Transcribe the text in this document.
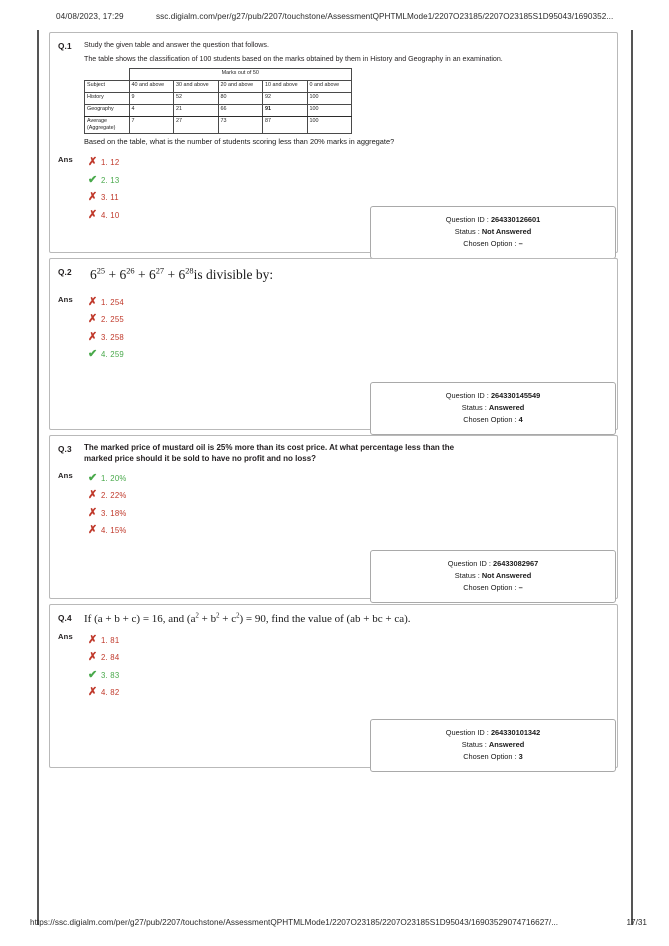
04/08/2023, 17:29	ssc.digialm.com/per/g27/pub/2207/touchstone/AssessmentQPHTMLMode1/2207O23185/2207O23185S1D95043/1690352...
Q.1	Study the given table and answer the question that follows.
The table shows the classification of 100 students based on the marks obtained by them in History and Geography in an examination.
	Marks out of 50				
Subject	40 and above	30 and above	20 and above	10 and above	0 and above
History	9	52	80	92	100
Geography	4	21	66	91	100
Average
(Aggregate)	7	27	73	87	100
Based on the table, what is the number of students scoring less than 20% marks in aggregate?
Ans	✗ 1. 12
✔ 2. 13
✗ 3. 11
✗ 4. 10	Question ID : 264330126601
Status : Not Answered
Chosen Option : –
Q.2	$6^{25} + 6^{26} + 6^{27} + 6^{28}is$ divisible by:
Ans	✗ 1. 254
✗ 2. 255
✗ 3. 258
✔ 4. 259
Question ID : 264330145549
Status : Answered
Chosen Option : 4
Q.3	The marked price of mustard oil is 25% more than its cost price. At what percentage less than the marked price should it be sold to have no profit and no loss?
Ans	✔ 1. 20%
✗ 2. 22%
✗ 3. 18%
✗ 4. 15%
Question ID : 26433082967
Status : Not Answered
Chosen Option : –
Q.4	If (a + b + c) = 16, and $(a^2 + b^2 + c^2) = 90$, find the value of (ab + bc + ca).
Ans	✗ 1. 81
✗ 2. 84
✔ 3. 83
✗ 4. 82
Question ID : 264330101342
Status : Answered
Chosen Option : 3
https://ssc.digialm.com/per/g27/pub/2207/touchstone/AssessmentQPHTMLMode1/2207O23185/2207O23185S1D95043/16903529074716627/...	17/31
